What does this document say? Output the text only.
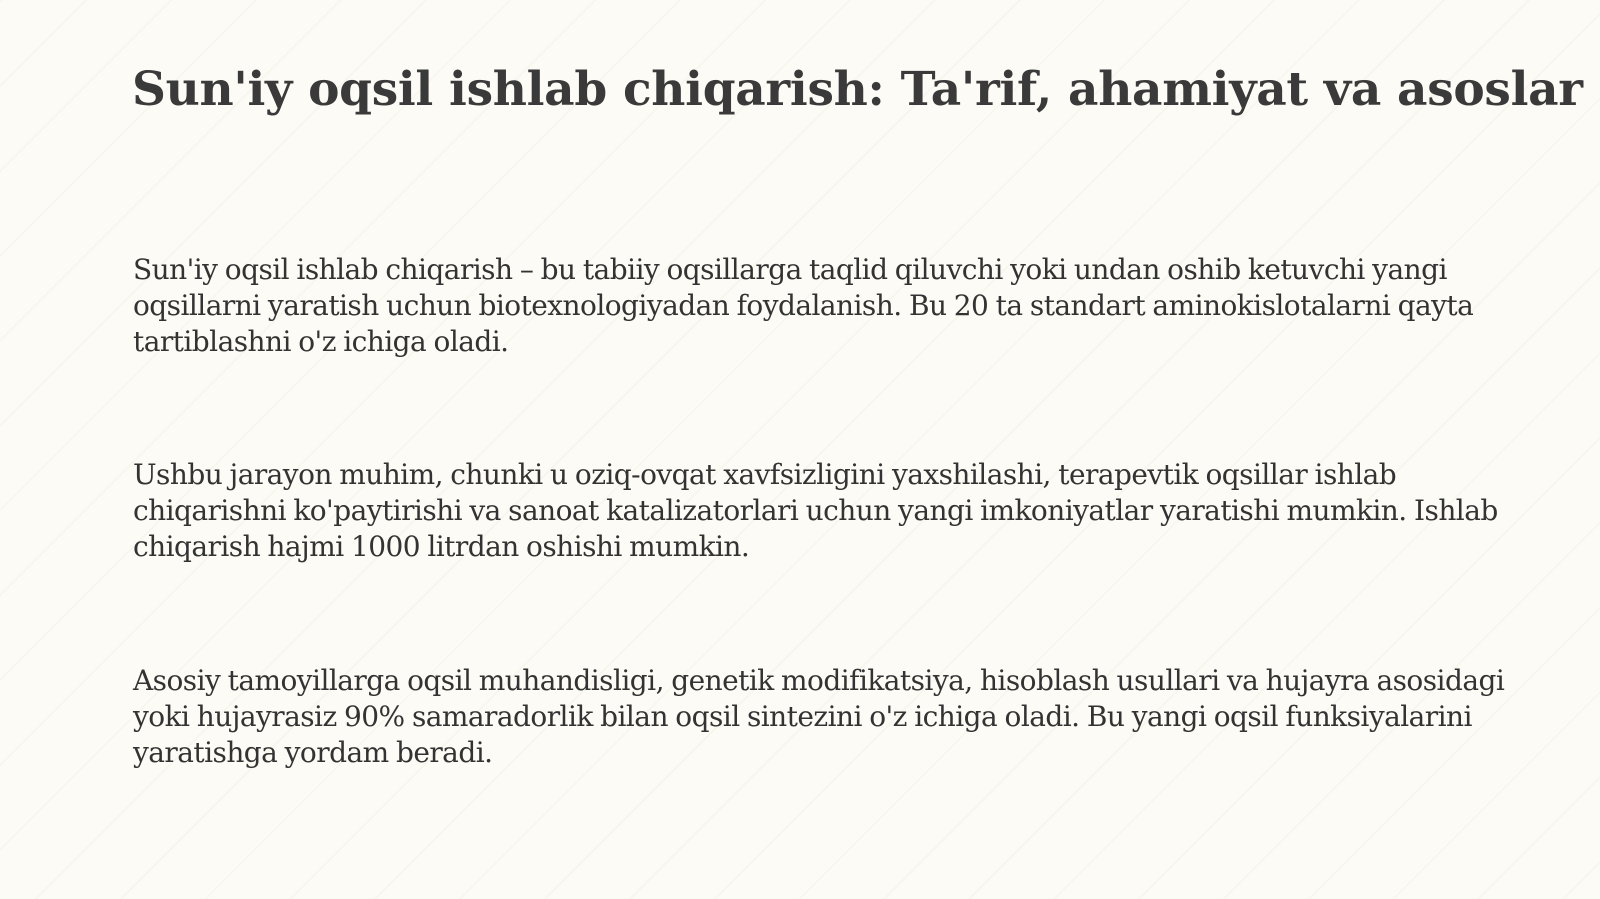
Sun'iy oqsil ishlab chiqarish: Ta'rif, ahamiyat va asoslar

Sun'iy oqsil ishlab chiqarish – bu tabiiy oqsillarga taqlid qiluvchi yoki undan oshib ketuvchi yangi oqsillarni yaratish uchun biotexnologiyadan foydalanish. Bu 20 ta standart aminokislotalarni qayta tartiblashni o'z ichiga oladi.

Ushbu jarayon muhim, chunki u oziq-ovqat xavfsizligini yaxshilashi, terapevtik oqsillar ishlab chiqarishni ko'paytirishi va sanoat katalizatorlari uchun yangi imkoniyatlar yaratishi mumkin. Ishlab chiqarish hajmi 1000 litrdan oshishi mumkin.

Asosiy tamoyillarga oqsil muhandisligi, genetik modifikatsiya, hisoblash usullari va hujayra asosidagi yoki hujayrasiz 90% samaradorlik bilan oqsil sintezini o'z ichiga oladi. Bu yangi oqsil funksiyalarini yaratishga yordam beradi.
